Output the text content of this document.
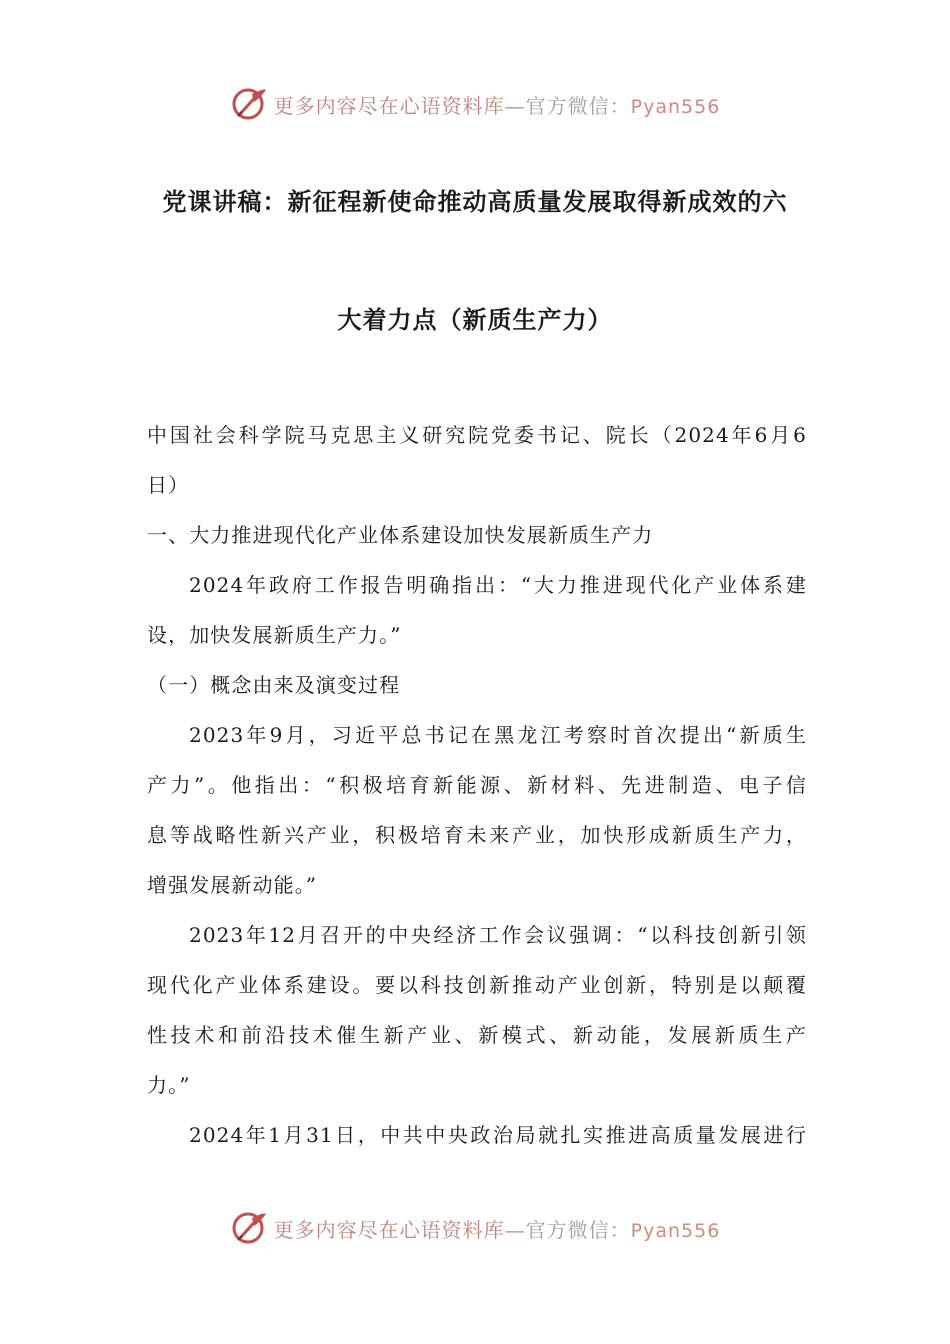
更多内容尽在心语资料库—官方微信：Pyan556
党课讲稿：新征程新使命推动高质量发展取得新成效的六
大着力点（新质生产力）
中国社会科学院马克思主义研究院党委书记、院长（2024年6月6
日）
一、大力推进现代化产业体系建设加快发展新质生产力
2024年政府工作报告明确指出：“大力推进现代化产业体系建
设，加快发展新质生产力。”
（一）概念由来及演变过程
2023年9月，习近平总书记在黑龙江考察时首次提出“新质生
产力”。他指出：“积极培育新能源、新材料、先进制造、电子信
息等战略性新兴产业，积极培育未来产业，加快形成新质生产力，
增强发展新动能。”
2023年12月召开的中央经济工作会议强调：“以科技创新引领
现代化产业体系建设。要以科技创新推动产业创新，特别是以颠覆
性技术和前沿技术催生新产业、新模式、新动能，发展新质生产
力。”
2024年1月31日，中共中央政治局就扎实推进高质量发展进行
更多内容尽在心语资料库—官方微信：Pyan556
